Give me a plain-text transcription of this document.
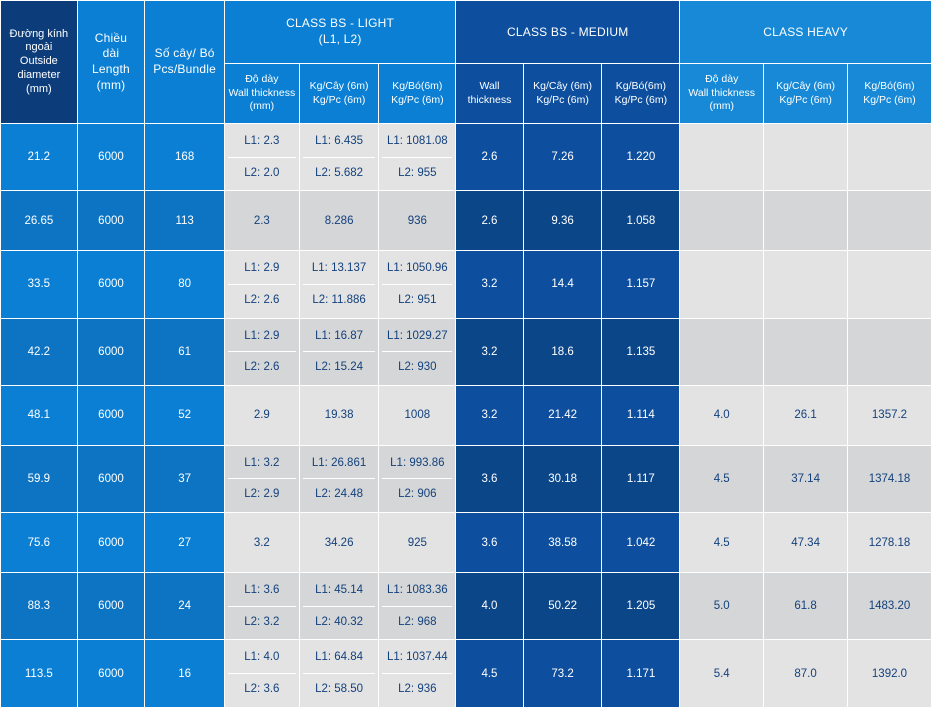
Đường kính
ngoài
Outside
diameter
(mm)	Chiều
dài
Length
(mm)	Số cây/ Bó
Pcs/Bundle	CLASS BS - LIGHT
(L1, L2)			CLASS BS - MEDIUM			CLASS HEAVY		
			Độ dày
Wall thickness
(mm)	Kg/Cây (6m)
Kg/Pc (6m)	Kg/Bó(6m)
Kg/Pc (6m)	Wall thickness	Kg/Cây (6m)
Kg/Pc (6m)	Kg/Bó(6m)
Kg/Pc (6m)	Độ dày
Wall thickness
(mm)	Kg/Cây (6m)
Kg/Pc (6m)	Kg/Bó(6m)
Kg/Pc (6m)
21.2	6000	168	L1: 2.3
L2: 2.0	L1: 6.435
L2: 5.682	L1: 1081.08
L2: 955	2.6	7.26	1.220			
26.65	6000	113	2.3	8.286	936	2.6	9.36	1.058			
33.5	6000	80	L1: 2.9
L2: 2.6	L1: 13.137
L2: 11.886	L1: 1050.96
L2: 951	3.2	14.4	1.157			
42.2	6000	61	L1: 2.9
L2: 2.6	L1: 16.87
L2: 15.24	L1: 1029.27
L2: 930	3.2	18.6	1.135			
48.1	6000	52	2.9	19.38	1008	3.2	21.42	1.114	4.0	26.1	1357.2
59.9	6000	37	L1: 3.2
L2: 2.9	L1: 26.861
L2: 24.48	L1: 993.86
L2: 906	3.6	30.18	1.117	4.5	37.14	1374.18
75.6	6000	27	3.2	34.26	925	3.6	38.58	1.042	4.5	47.34	1278.18
88.3	6000	24	L1: 3.6
L2: 3.2	L1: 45.14
L2: 40.32	L1: 1083.36
L2: 968	4.0	50.22	1.205	5.0	61.8	1483.20
113.5	6000	16	L1: 4.0
L2: 3.6	L1: 64.84
L2: 58.50	L1: 1037.44
L2: 936	4.5	73.2	1.171	5.4	87.0	1392.0
